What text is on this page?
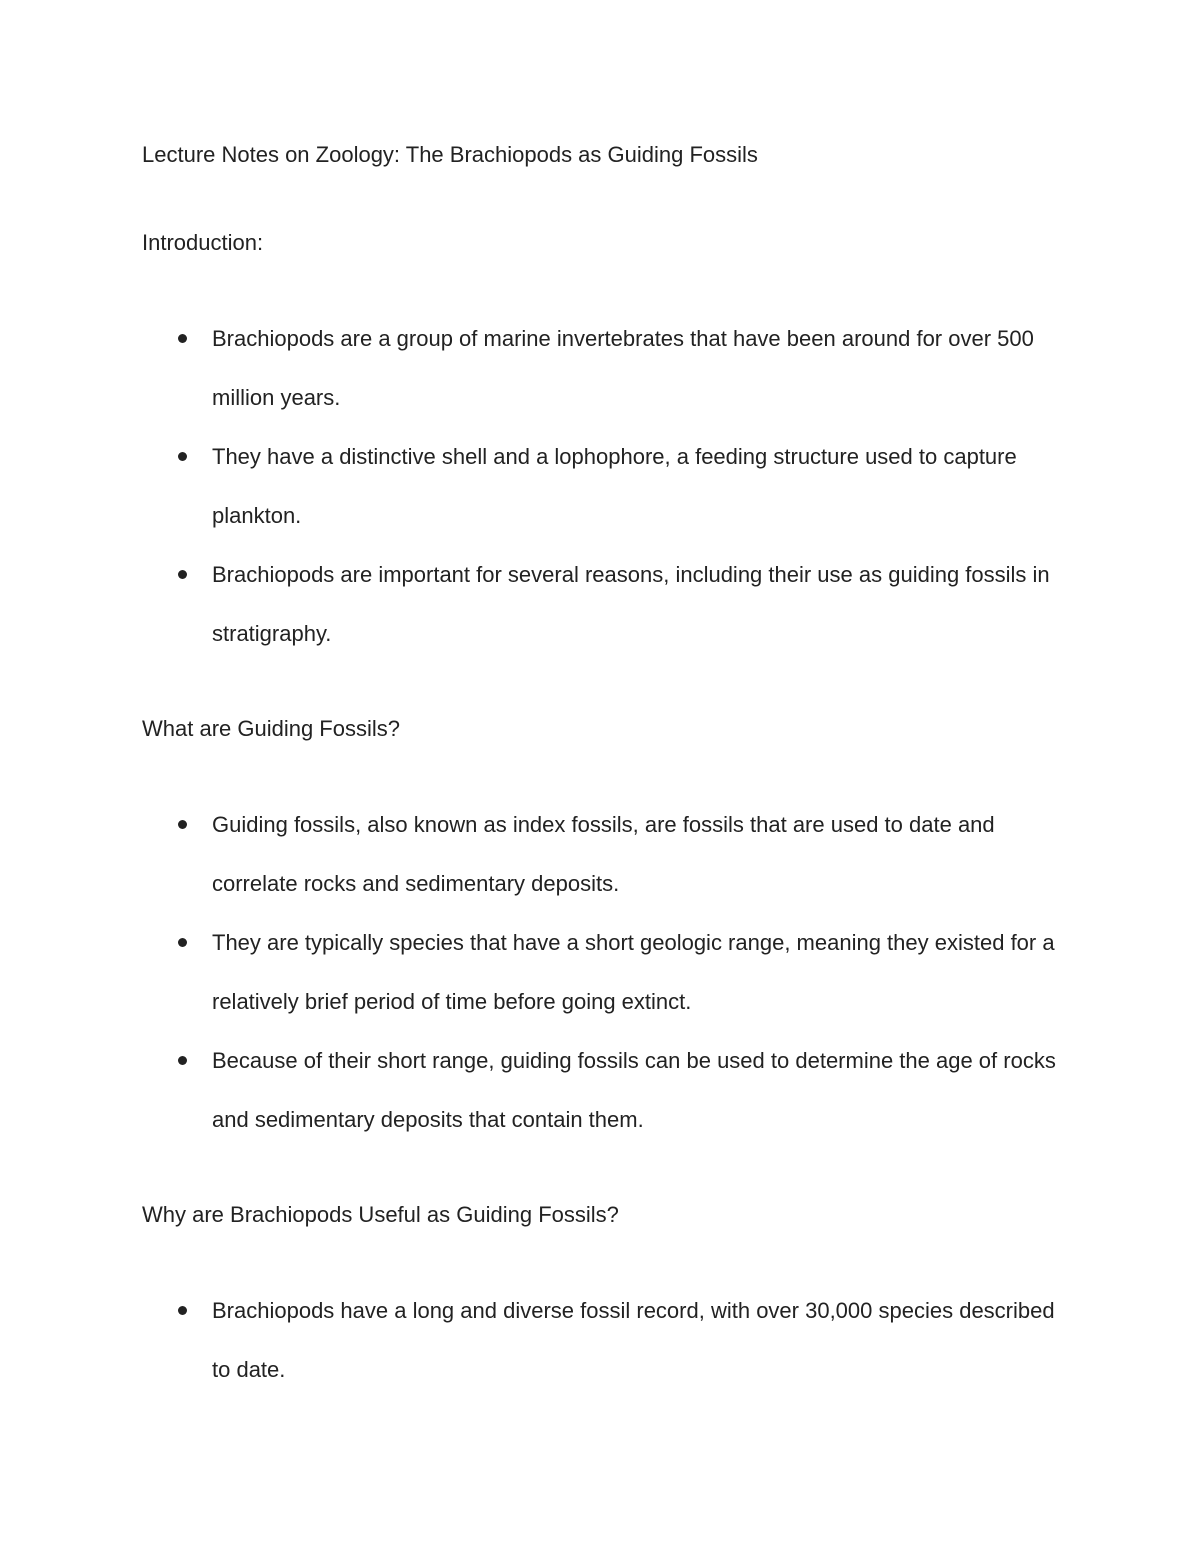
Lecture Notes on Zoology: The Brachiopods as Guiding Fossils
Introduction:
Brachiopods are a group of marine invertebrates that have been around for over 500 million years.
They have a distinctive shell and a lophophore, a feeding structure used to capture plankton.
Brachiopods are important for several reasons, including their use as guiding fossils in stratigraphy.
What are Guiding Fossils?
Guiding fossils, also known as index fossils, are fossils that are used to date and correlate rocks and sedimentary deposits.
They are typically species that have a short geologic range, meaning they existed for a relatively brief period of time before going extinct.
Because of their short range, guiding fossils can be used to determine the age of rocks and sedimentary deposits that contain them.
Why are Brachiopods Useful as Guiding Fossils?
Brachiopods have a long and diverse fossil record, with over 30,000 species described to date.
